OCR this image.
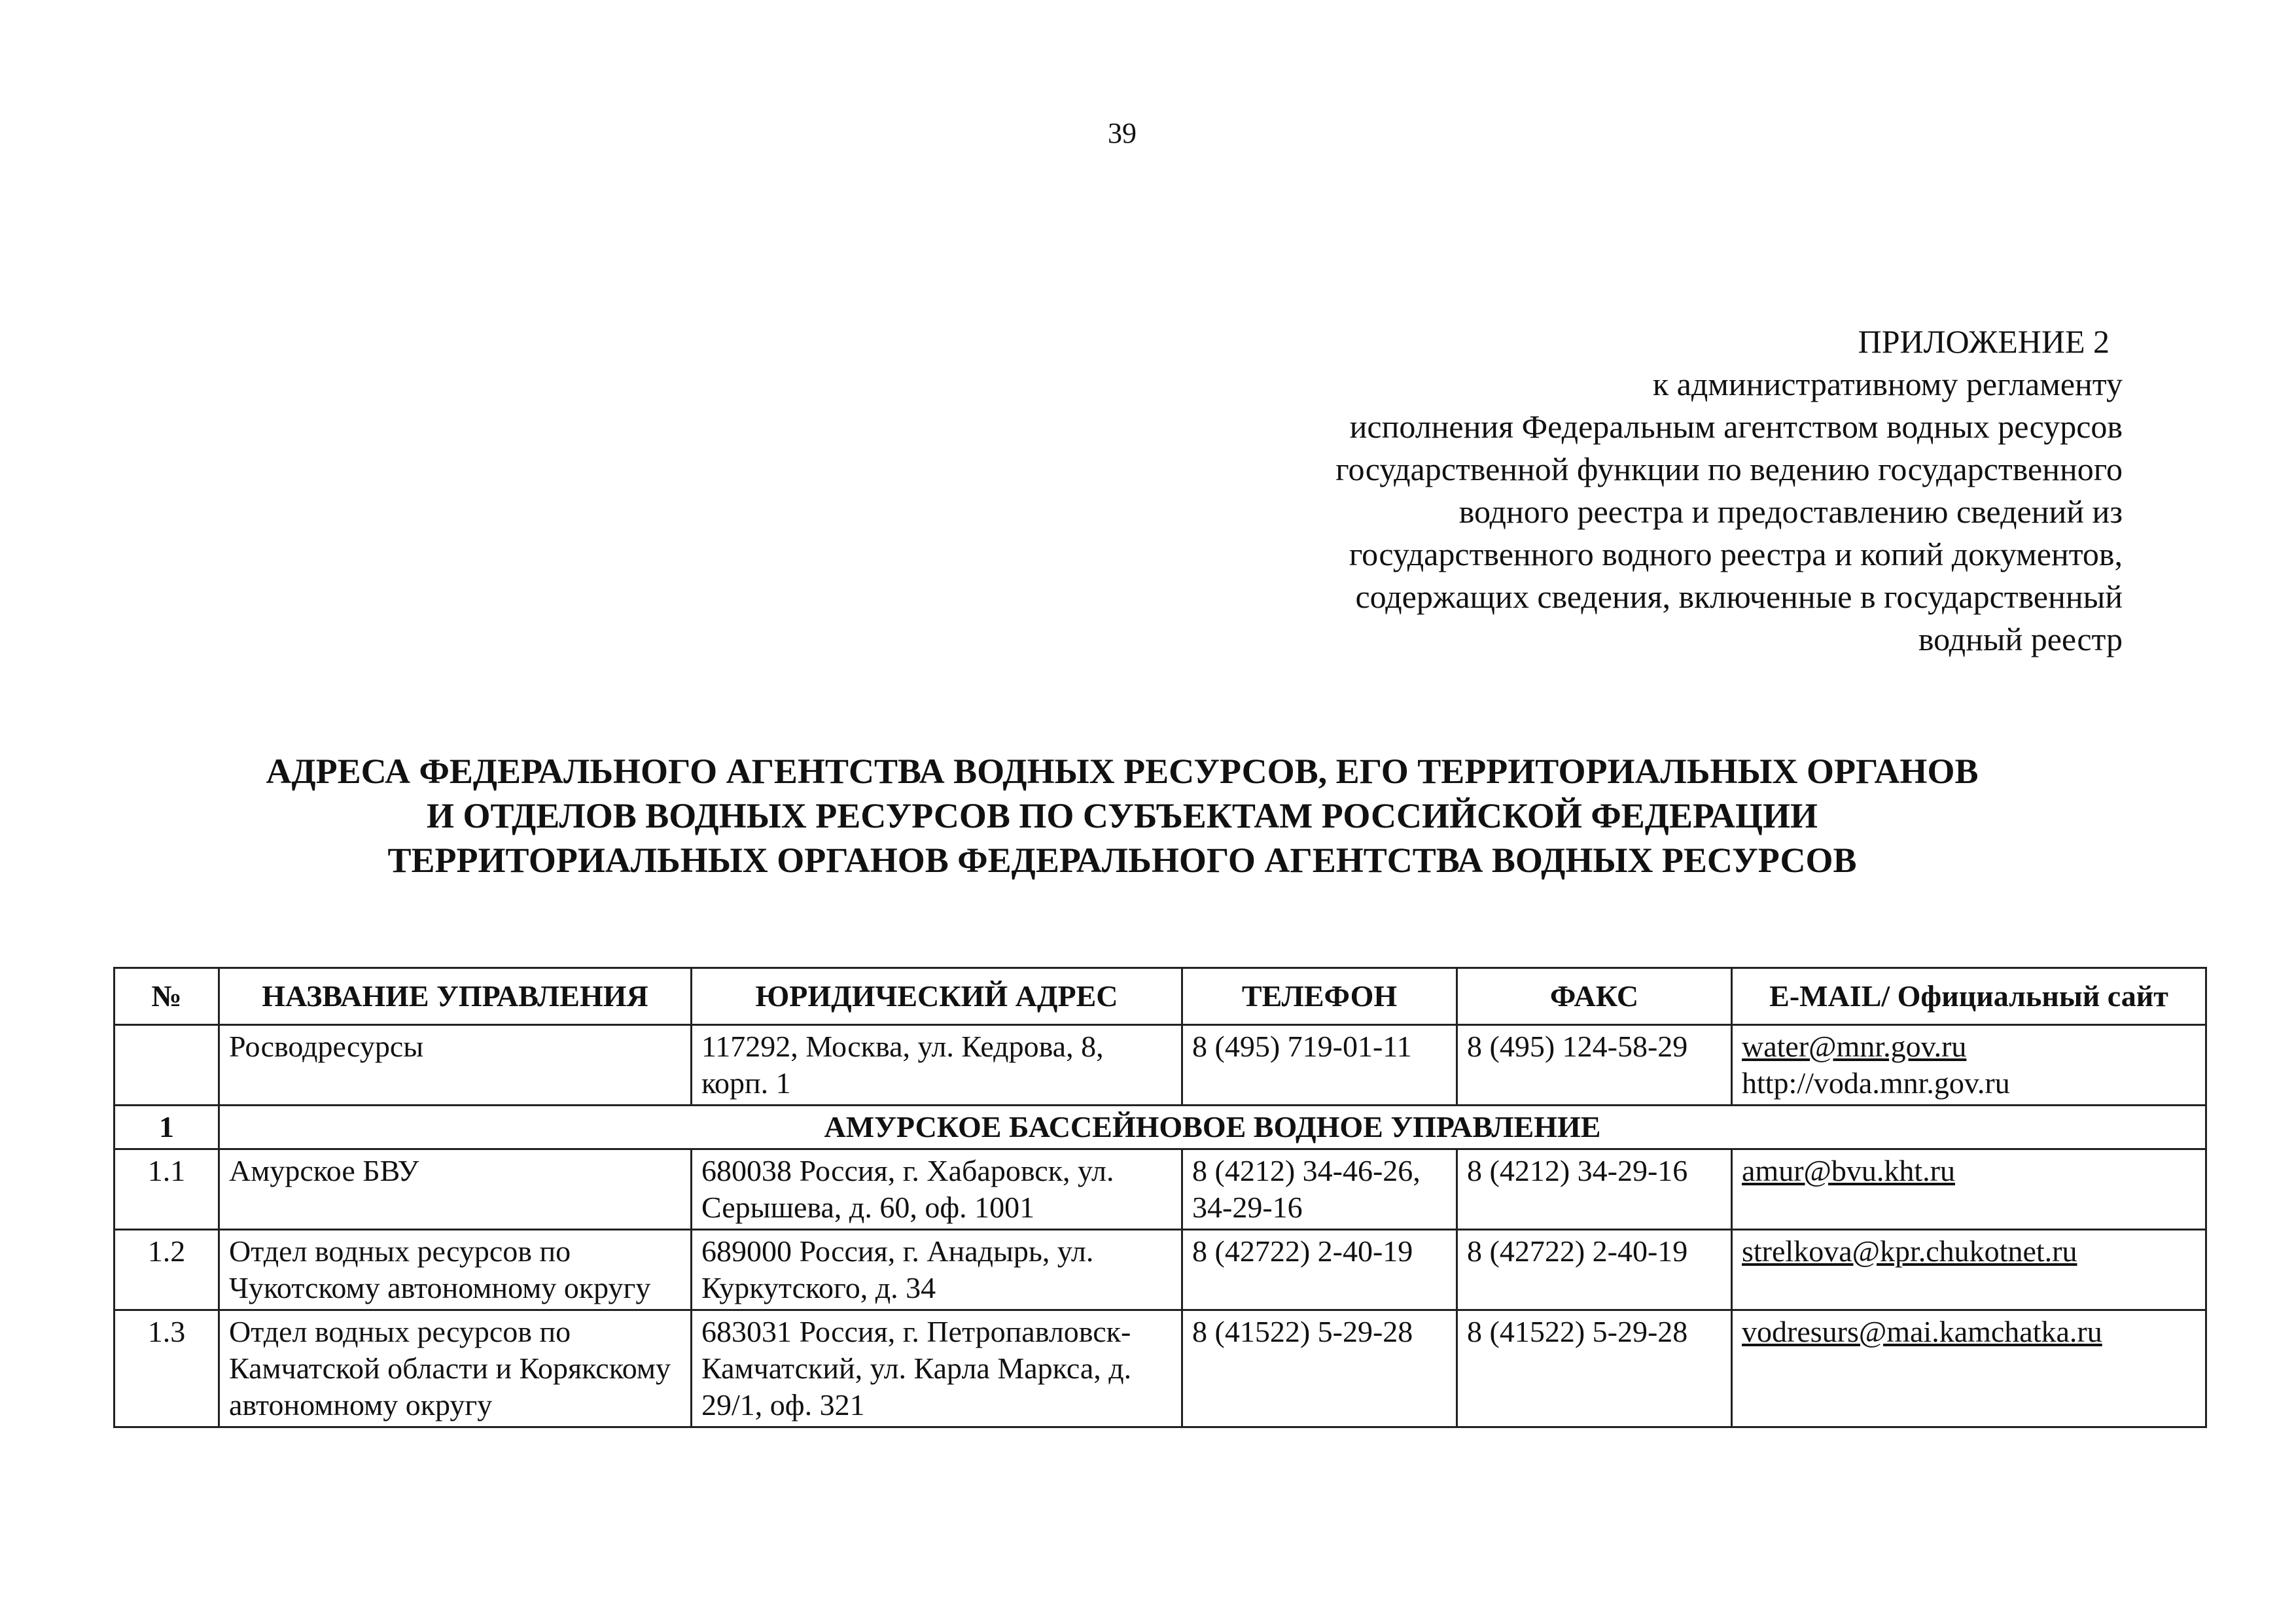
39
ПРИЛОЖЕНИЕ 2
к административному регламенту
исполнения Федеральным агентством водных ресурсов
государственной функции по ведению государственного
водного реестра и предоставлению сведений из
государственного водного реестра и копий документов,
содержащих сведения, включенные в государственный
водный реестр
АДРЕСА ФЕДЕРАЛЬНОГО АГЕНТСТВА ВОДНЫХ РЕСУРСОВ, ЕГО ТЕРРИТОРИАЛЬНЫХ ОРГАНОВ
И ОТДЕЛОВ ВОДНЫХ РЕСУРСОВ ПО СУБЪЕКТАМ РОССИЙСКОЙ ФЕДЕРАЦИИ
ТЕРРИТОРИАЛЬНЫХ ОРГАНОВ ФЕДЕРАЛЬНОГО АГЕНТСТВА ВОДНЫХ РЕСУРСОВ
№	НАЗВАНИЕ УПРАВЛЕНИЯ	ЮРИДИЧЕСКИЙ АДРЕС	ТЕЛЕФОН	ФАКС	E-MAIL/ Официальный сайт
	Росводресурсы	117292, Москва, ул. Кедрова, 8, корп. 1	8 (495) 719-01-11	8 (495) 124-58-29	water@mnr.gov.ru
http://voda.mnr.gov.ru

1	АМУРСКОЕ БАССЕЙНОВОЕ ВОДНОЕ УПРАВЛЕНИЕ				
1.1	Амурское БВУ	680038 Россия, г. Хабаровск, ул. Серышева, д. 60, оф. 1001	8 (4212) 34-46-26, 34-29-16	8 (4212) 34-29-16	amur@bvu.kht.ru
1.2	Отдел водных ресурсов по Чукотскому автономному округу	689000 Россия, г. Анадырь, ул. Куркутского, д. 34	8 (42722) 2-40-19	8 (42722) 2-40-19	strelkova@kpr.chukotnet.ru
1.3	Отдел водных ресурсов по Камчатской области и Корякскому автономному округу	683031 Россия, г. Петропавловск-Камчатский, ул. Карла Маркса, д. 29/1, оф. 321	8 (41522) 5-29-28	8 (41522) 5-29-28	vodresurs@mai.kamchatka.ru
